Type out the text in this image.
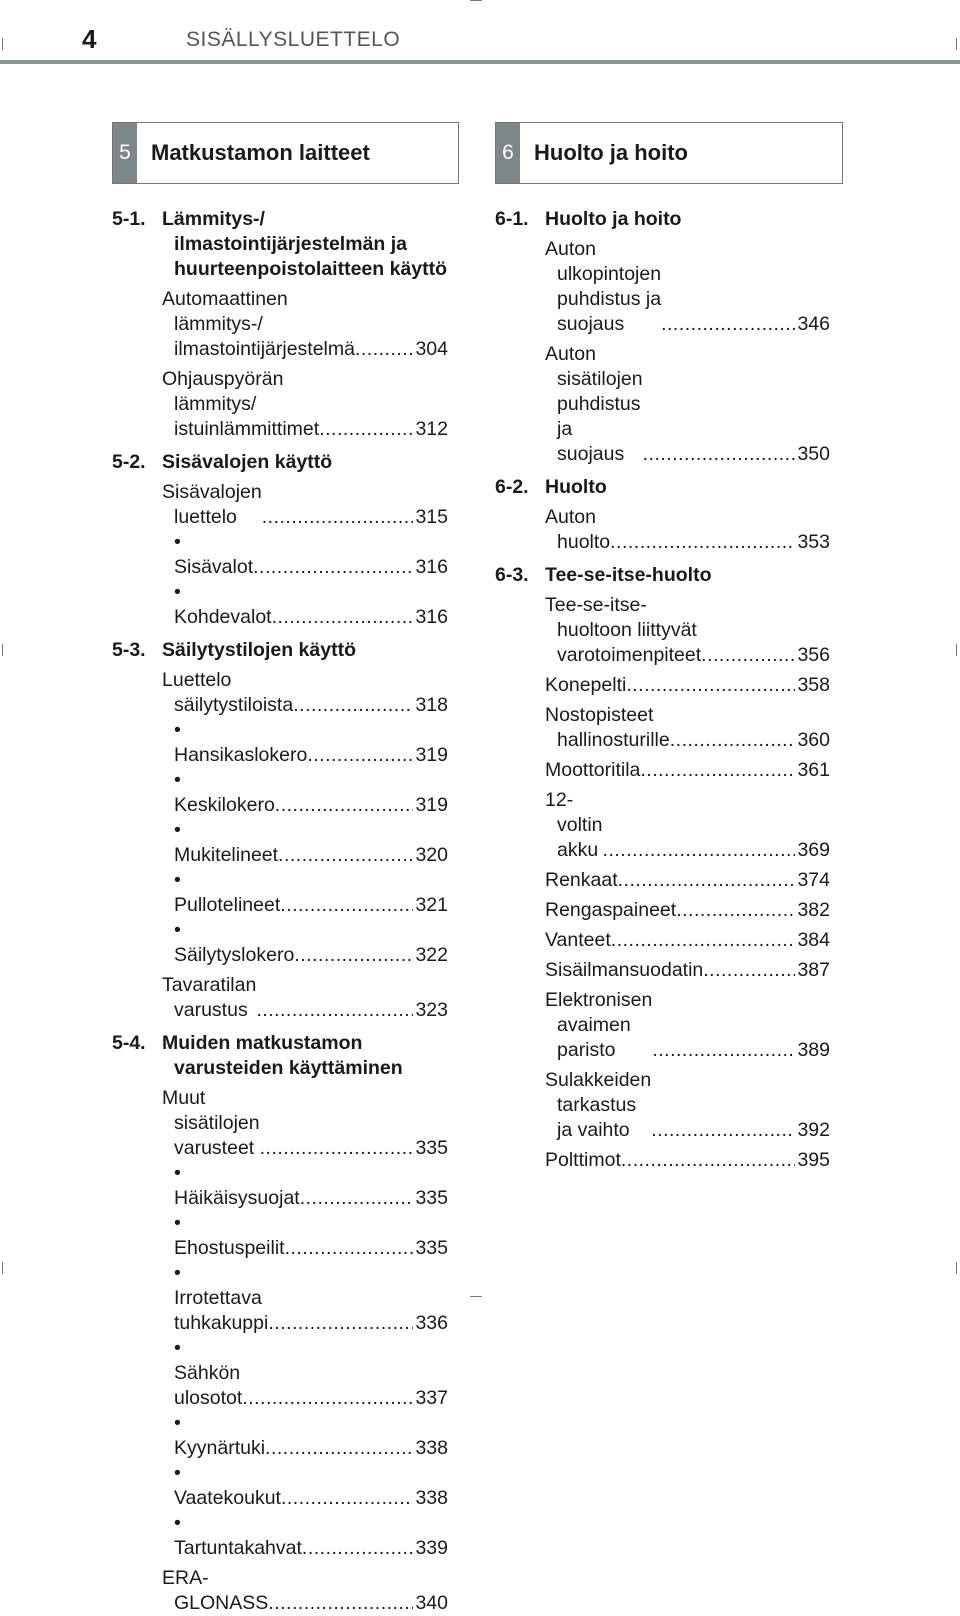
4	SISÄLLYSLUETTELO
5 Matkustamon laitteet	6 Huolto ja hoito
5-1. Lämmitys-/ ilmastointijärjestelmän ja huurteenpoistolaitteen käyttö
Automaattinen lämmitys-/ ilmastointijärjestelmä .....	304
Ohjauspyörän lämmitys/ istuinlämmittimet .....	312
5-2. Sisävalojen käyttö
Sisävalojen luettelo .....	315
• Sisävalot .....	316
• Kohdevalot .....	316
5-3. Säilytystilojen käyttö
Luettelo säilytystiloista .....	318
• Hansikaslokero .....	319
• Keskilokero .....	319
• Mukitelineet .....	320
• Pullotelineet .....	321
• Säilytyslokero .....	322
Tavaratilan varustus .....	323
5-4. Muiden matkustamon varusteiden käyttäminen
Muut sisätilojen varusteet .....	335
• Häikäisysuojat .....	335
• Ehostuspeilit .....	335
• Irrotettava tuhkakuppi .....	336
• Sähkön ulosotot .....	337
• Kyynärtuki .....	338
• Vaatekoukut .....	338
• Tartuntakahvat .....	339
ERA-GLONASS .....	340
6-1. Huolto ja hoito
Auton ulkopintojen puhdistus ja suojaus .....	346
Auton sisätilojen puhdistus ja suojaus .....	350
6-2. Huolto
Auton huolto .....	353
6-3. Tee-se-itse-huolto
Tee-se-itse-huoltoon liittyvät varotoimenpiteet .....	356
Konepelti .....	358
Nostopisteet hallinosturille .....	360
Moottoritila .....	361
12-voltin akku .....	369
Renkaat .....	374
Rengaspaineet .....	382
Vanteet .....	384
Sisäilmansuodatin .....	387
Elektronisen avaimen paristo .....	389
Sulakkeiden tarkastus ja vaihto .....	392
Polttimot .....	395
